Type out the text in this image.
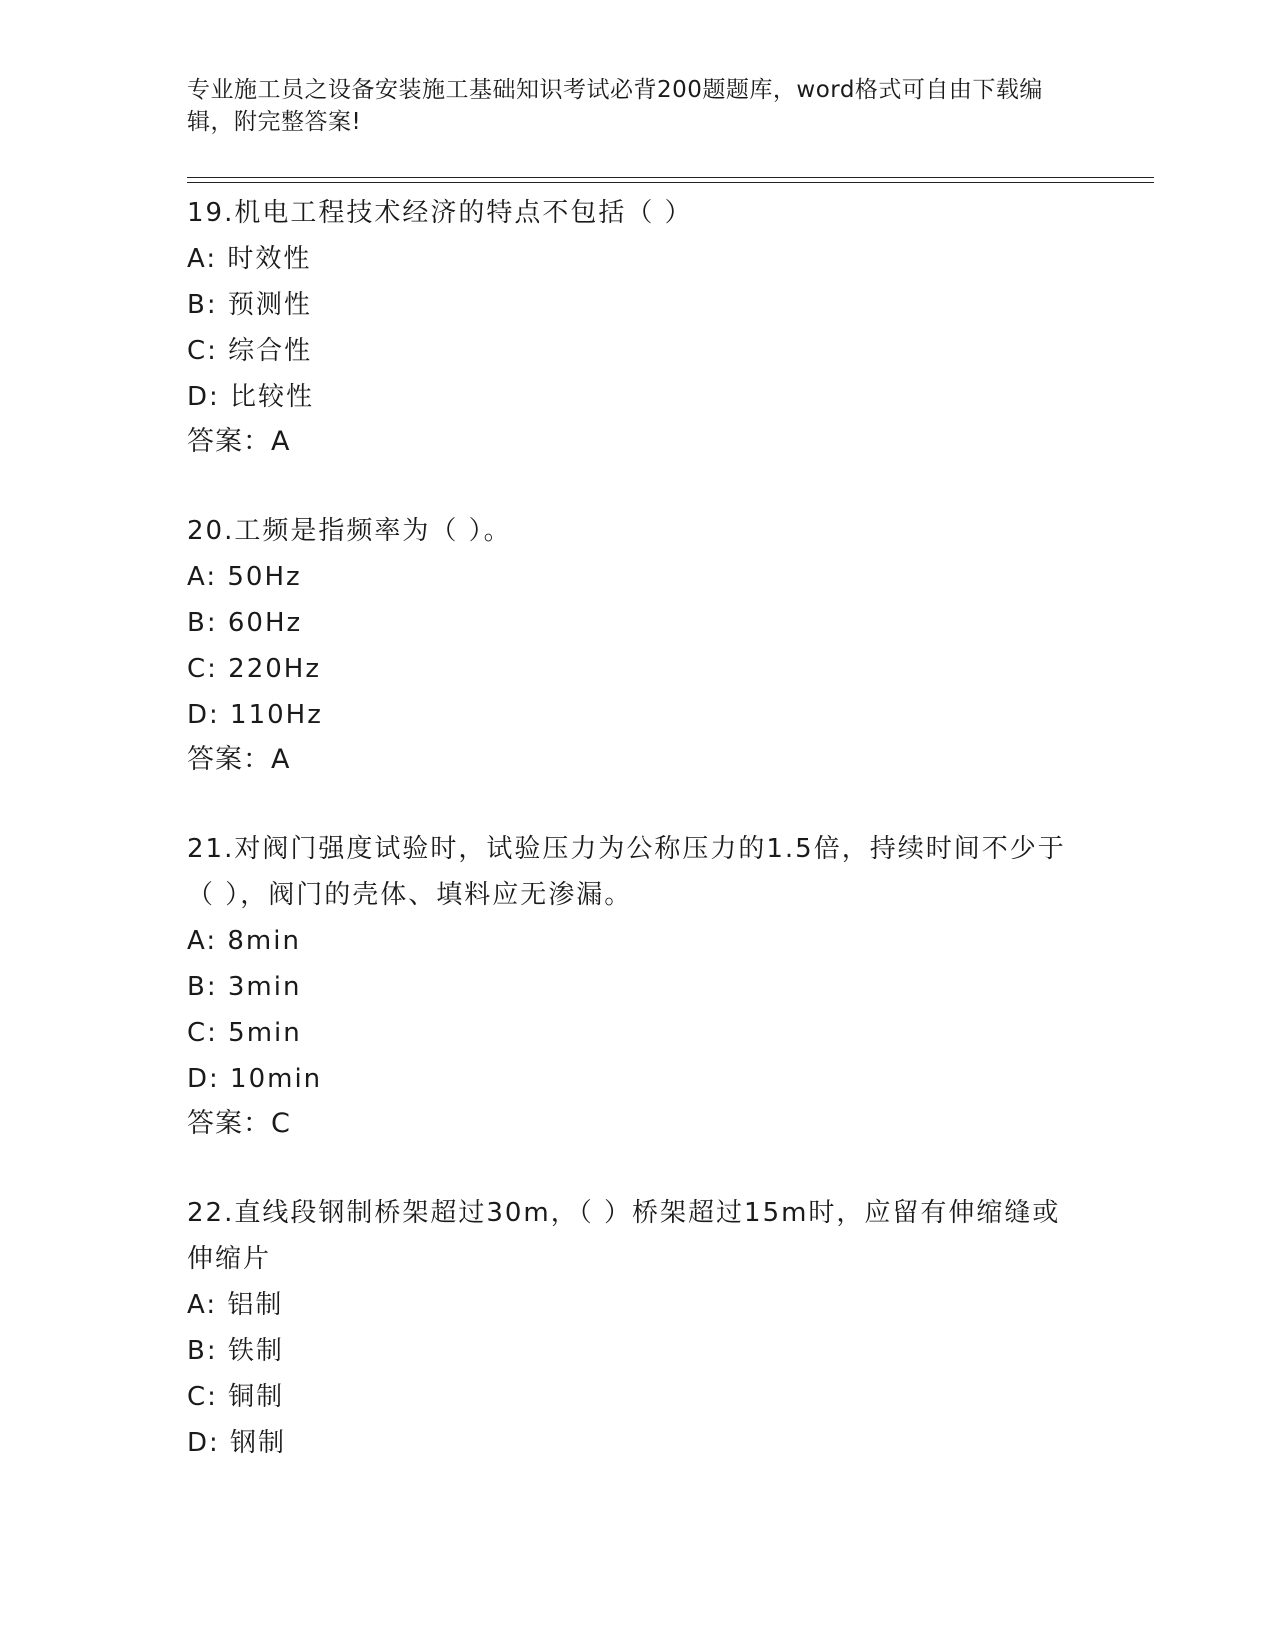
专业施工员之设备安装施工基础知识考试必背200题题库，word格式可自由下载编辑，附完整答案!

19.机电工程技术经济的特点不包括（ ）

A: 时效性

B: 预测性

C: 综合性

D: 比较性

答案：A

20.工频是指频率为（ ）。

A: 50Hz

B: 60Hz

C: 220Hz

D: 110Hz

答案：A

21.对阀门强度试验时，试验压力为公称压力的1.5倍，持续时间不少于（ ），阀门的壳体、填料应无渗漏。

A: 8min

B: 3min

C: 5min

D: 10min

答案：C

22.直线段钢制桥架超过30m，（ ）桥架超过15m时，应留有伸缩缝或伸缩片

A: 铝制

B: 铁制

C: 铜制

D: 钢制
